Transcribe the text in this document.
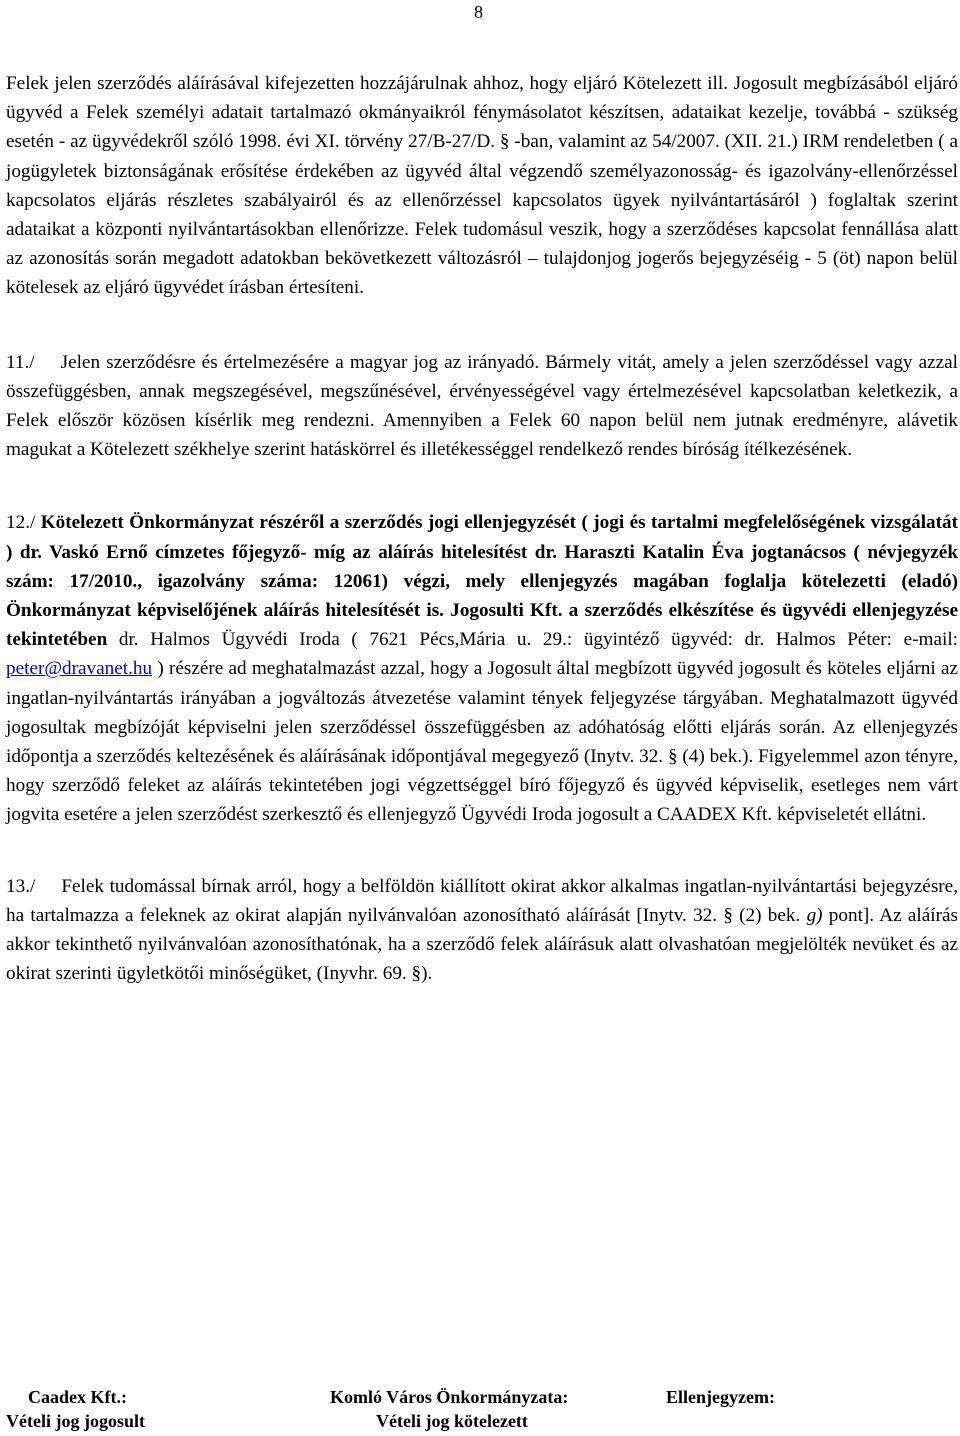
8

Felek jelen szerződés aláírásával kifejezetten hozzájárulnak ahhoz, hogy eljáró Kötelezett ill. Jogosult megbízásából eljáró ügyvéd a Felek személyi adatait tartalmazó okmányaikról fénymásolatot készítsen, adataikat kezelje, továbbá - szükség esetén - az ügyvédekről szóló 1998. évi XI. törvény 27/B-27/D. § -ban, valamint az 54/2007. (XII. 21.) IRM rendeletben ( a jogügyletek biztonságának erősítése érdekében az ügyvéd által végzendő személyazonosság- és igazolvány-ellenőrzéssel kapcsolatos eljárás részletes szabályairól és az ellenőrzéssel kapcsolatos ügyek nyilvántartásáról ) foglaltak szerint adataikat a központi nyilvántartásokban ellenőrizze. Felek tudomásul veszik, hogy a szerződéses kapcsolat fennállása alatt az azonosítás során megadott adatokban bekövetkezett változásról – tulajdonjog jogerős bejegyzéséig - 5 (öt) napon belül kötelesek az eljáró ügyvédet írásban értesíteni.

11./ Jelen szerződésre és értelmezésére a magyar jog az irányadó. Bármely vitát, amely a jelen szerződéssel vagy azzal összefüggésben, annak megszegésével, megszűnésével, érvényességével vagy értelmezésével kapcsolatban keletkezik, a Felek először közösen kísérlik meg rendezni. Amennyiben a Felek 60 napon belül nem jutnak eredményre, alávetik magukat a Kötelezett székhelye szerint hatáskörrel és illetékességgel rendelkező rendes bíróság ítélkezésének.

12./ Kötelezett Önkormányzat részéről a szerződés jogi ellenjegyzését ( jogi és tartalmi megfelelőségének vizsgálatát ) dr. Vaskó Ernő címzetes főjegyző- míg az aláírás hitelesítést dr. Haraszti Katalin Éva jogtanácsos ( névjegyzék szám: 17/2010., igazolvány száma: 12061) végzi, mely ellenjegyzés magában foglalja kötelezetti (eladó) Önkormányzat képviselőjének aláírás hitelesítését is. Jogosulti Kft. a szerződés elkészítése és ügyvédi ellenjegyzése tekintetében dr. Halmos Ügyvédi Iroda ( 7621 Pécs,Mária u. 29.: ügyintéző ügyvéd: dr. Halmos Péter: e-mail: peter@dravanet.hu ) részére ad meghatalmazást azzal, hogy a Jogosult által megbízott ügyvéd jogosult és köteles eljárni az ingatlan-nyilvántartás irányában a jogváltozás átvezetése valamint tények feljegyzése tárgyában. Meghatalmazott ügyvéd jogosultak megbízóját képviselni jelen szerződéssel összefüggésben az adóhatóság előtti eljárás során. Az ellenjegyzés időpontja a szerződés keltezésének és aláírásának időpontjával megegyező (Inytv. 32. § (4) bek.). Figyelemmel azon tényre, hogy szerződő feleket az aláírás tekintetében jogi végzettséggel bíró főjegyző és ügyvéd képviselik, esetleges nem várt jogvita esetére a jelen szerződést szerkesztő és ellenjegyző Ügyvédi Iroda jogosult a CAADEX Kft. képviseletét ellátni.

13./ Felek tudomással bírnak arról, hogy a belföldön kiállított okirat akkor alkalmas ingatlan-nyilvántartási bejegyzésre, ha tartalmazza a feleknek az okirat alapján nyilvánvalóan azonosítható aláírását [Inytv. 32. § (2) bek. g) pont]. Az aláírás akkor tekinthető nyilvánvalóan azonosíthatónak, ha a szerződő felek aláírásuk alatt olvashatóan megjelölték nevüket és az okirat szerinti ügyletkötői minőségüket, (Inyvhr. 69. §).

Caadex Kft.:
Vételi jog jogosult
Komló Város Önkormányzata:
Vételi jog kötelezett
Ellenjegyzem:
